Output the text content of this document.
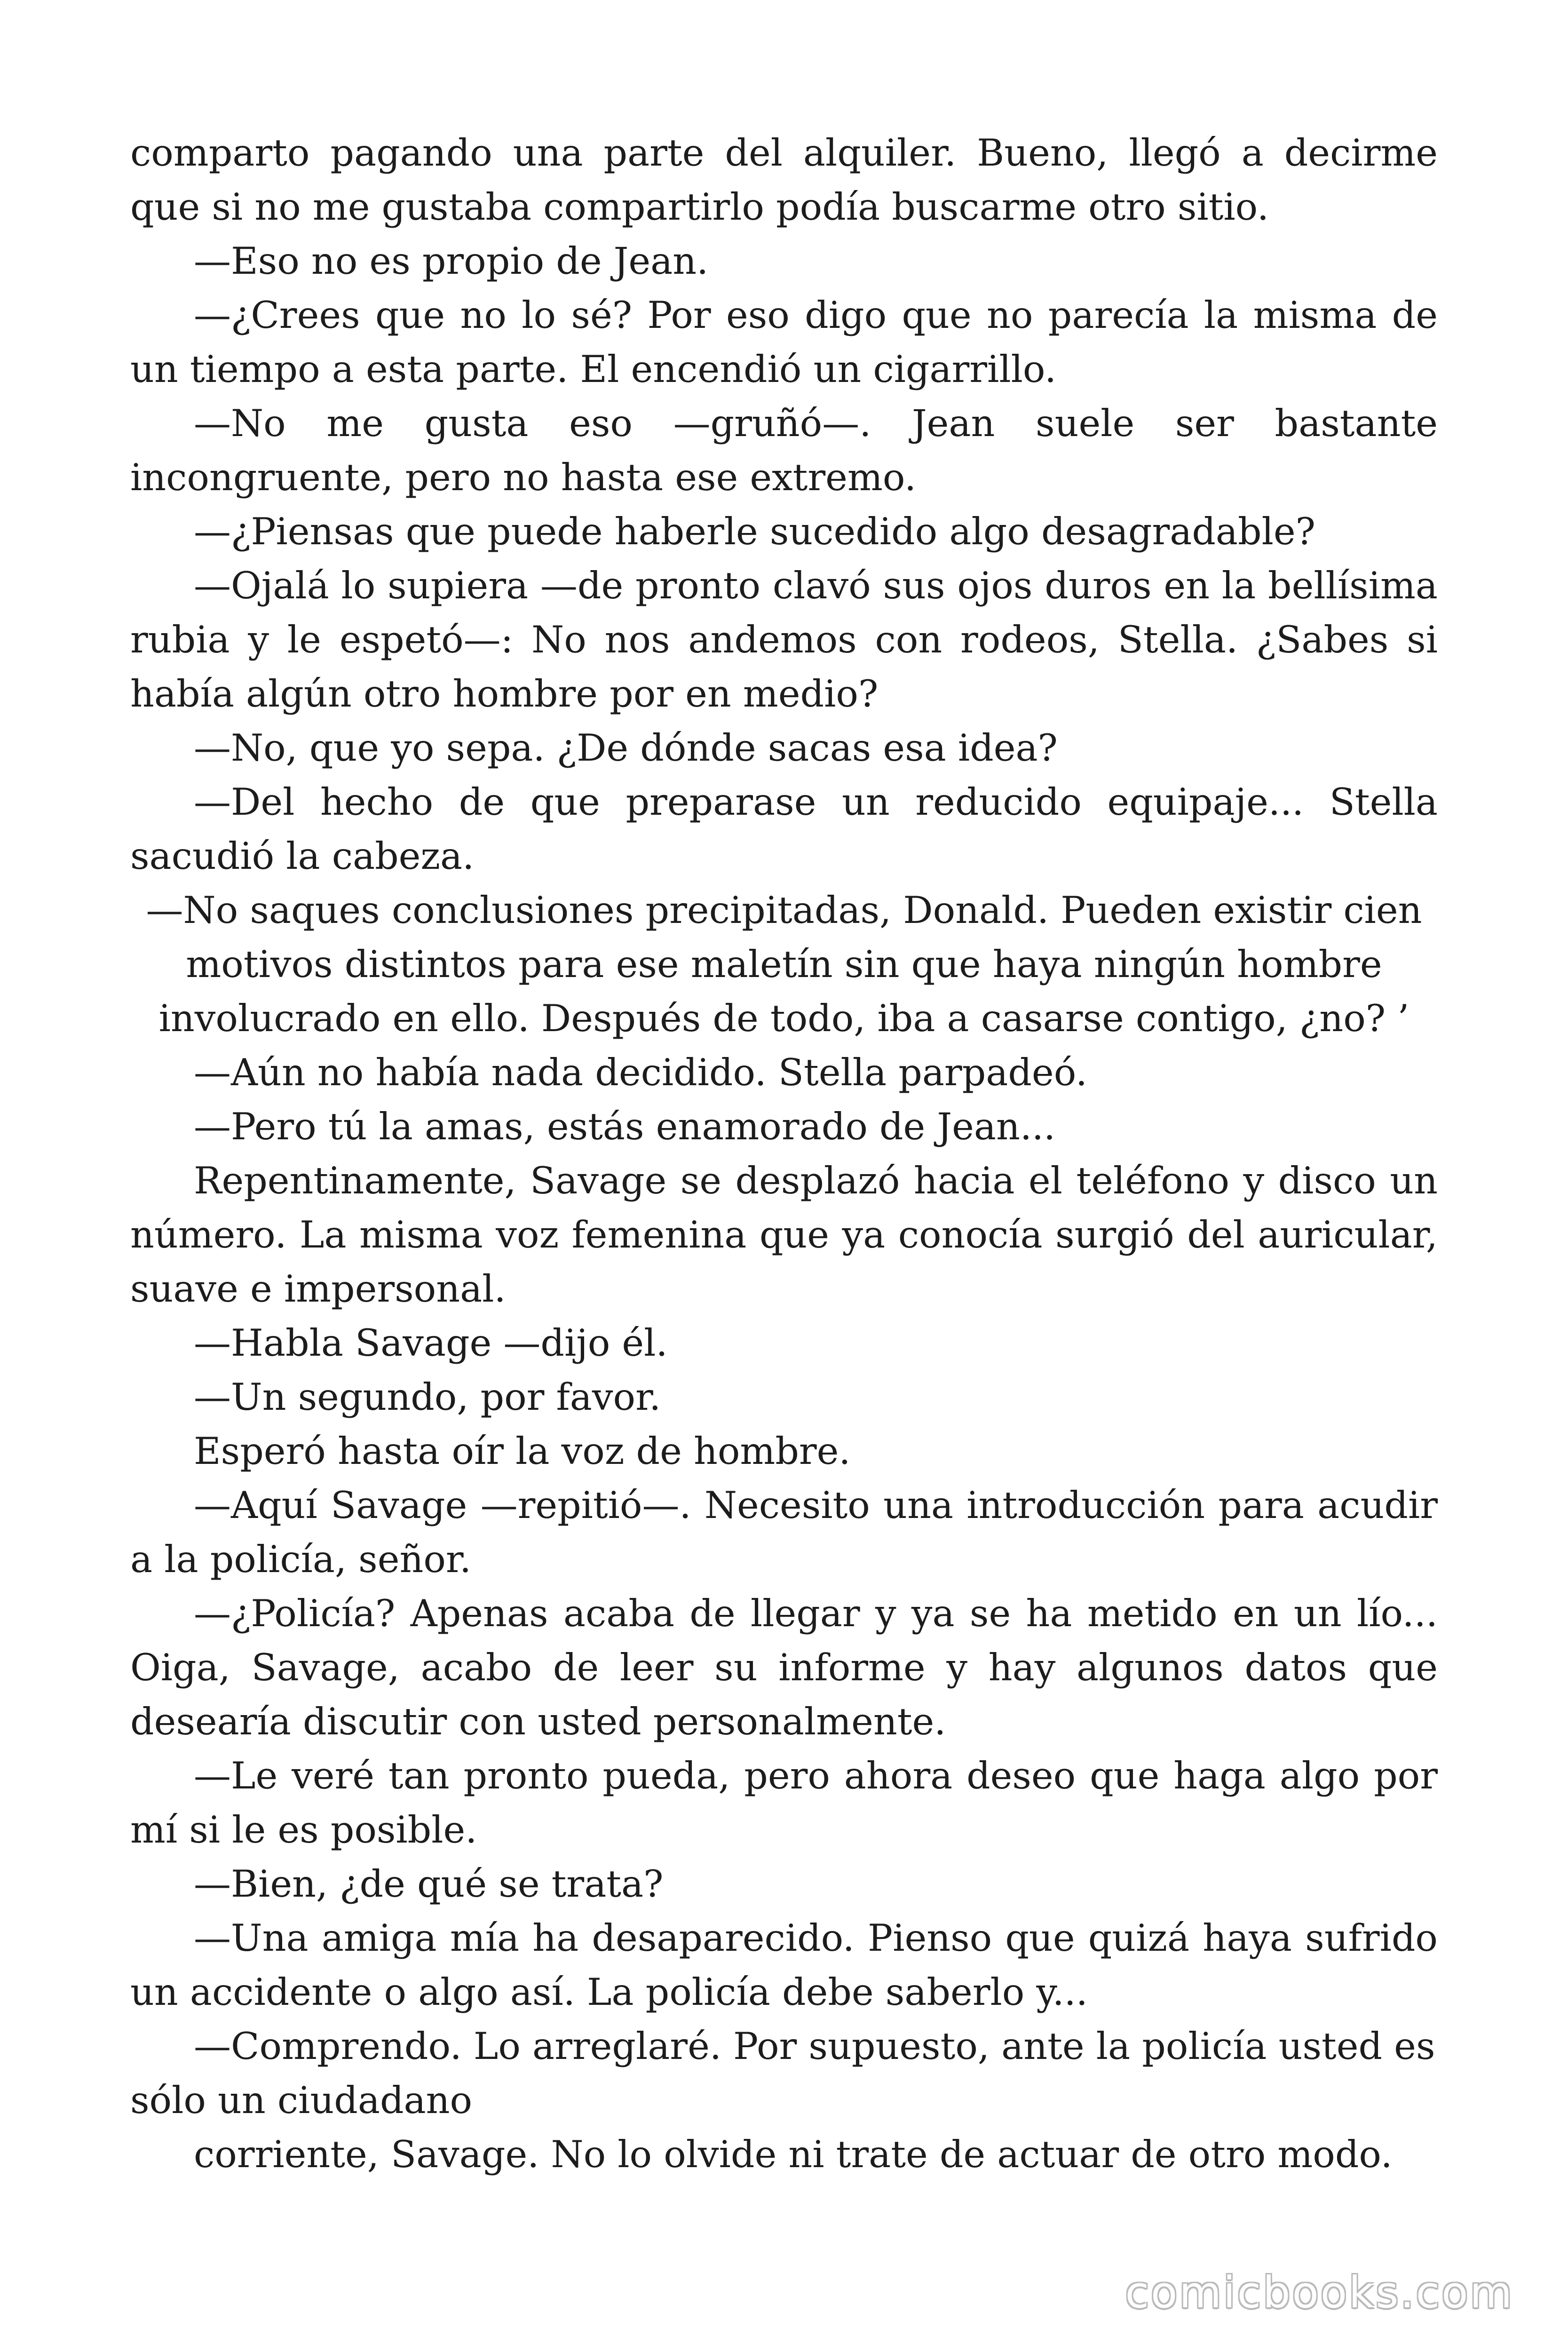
comparto pagando una parte del alquiler. Bueno, llegó a decirme que si no me gustaba compartirlo podía buscarme otro sitio.

—Eso no es propio de Jean.

—¿Crees que no lo sé? Por eso digo que no parecía la misma de un tiempo a esta parte. El encendió un cigarrillo.

—No me gusta eso —gruñó—. Jean suele ser bastante incongruente, pero no hasta ese extremo.

—¿Piensas que puede haberle sucedido algo desagradable?

—Ojalá lo supiera —de pronto clavó sus ojos duros en la bellísima rubia y le espetó—: No nos andemos con rodeos, Stella. ¿Sabes si había algún otro hombre por en medio?

—No, que yo sepa. ¿De dónde sacas esa idea?

—Del hecho de que preparase un reducido equipaje... Stella sacudió la cabeza.

—No saques conclusiones precipitadas, Donald. Pueden existir cien motivos distintos para ese maletín sin que haya ningún hombre involucrado en ello. Después de todo, iba a casarse contigo, ¿no? ’

—Aún no había nada decidido. Stella parpadeó.

—Pero tú la amas, estás enamorado de Jean...

Repentinamente, Savage se desplazó hacia el teléfono y disco un número. La misma voz femenina que ya conocía surgió del auricular, suave e impersonal.

—Habla Savage —dijo él.

—Un segundo, por favor.

Esperó hasta oír la voz de hombre.

—Aquí Savage —repitió—. Necesito una introducción para acudir a la policía, señor.

—¿Policía? Apenas acaba de llegar y ya se ha metido en un lío... Oiga, Savage, acabo de leer su informe y hay algunos datos que desearía discutir con usted personalmente.

—Le veré tan pronto pueda, pero ahora deseo que haga algo por mí si le es posible.

—Bien, ¿de qué se trata?

—Una amiga mía ha desaparecido. Pienso que quizá haya sufrido un accidente o algo así. La policía debe saberlo y...

—Comprendo. Lo arreglaré. Por supuesto, ante la policía usted es sólo un ciudadano

corriente, Savage. No lo olvide ni trate de actuar de otro modo.

comicbooks.com
